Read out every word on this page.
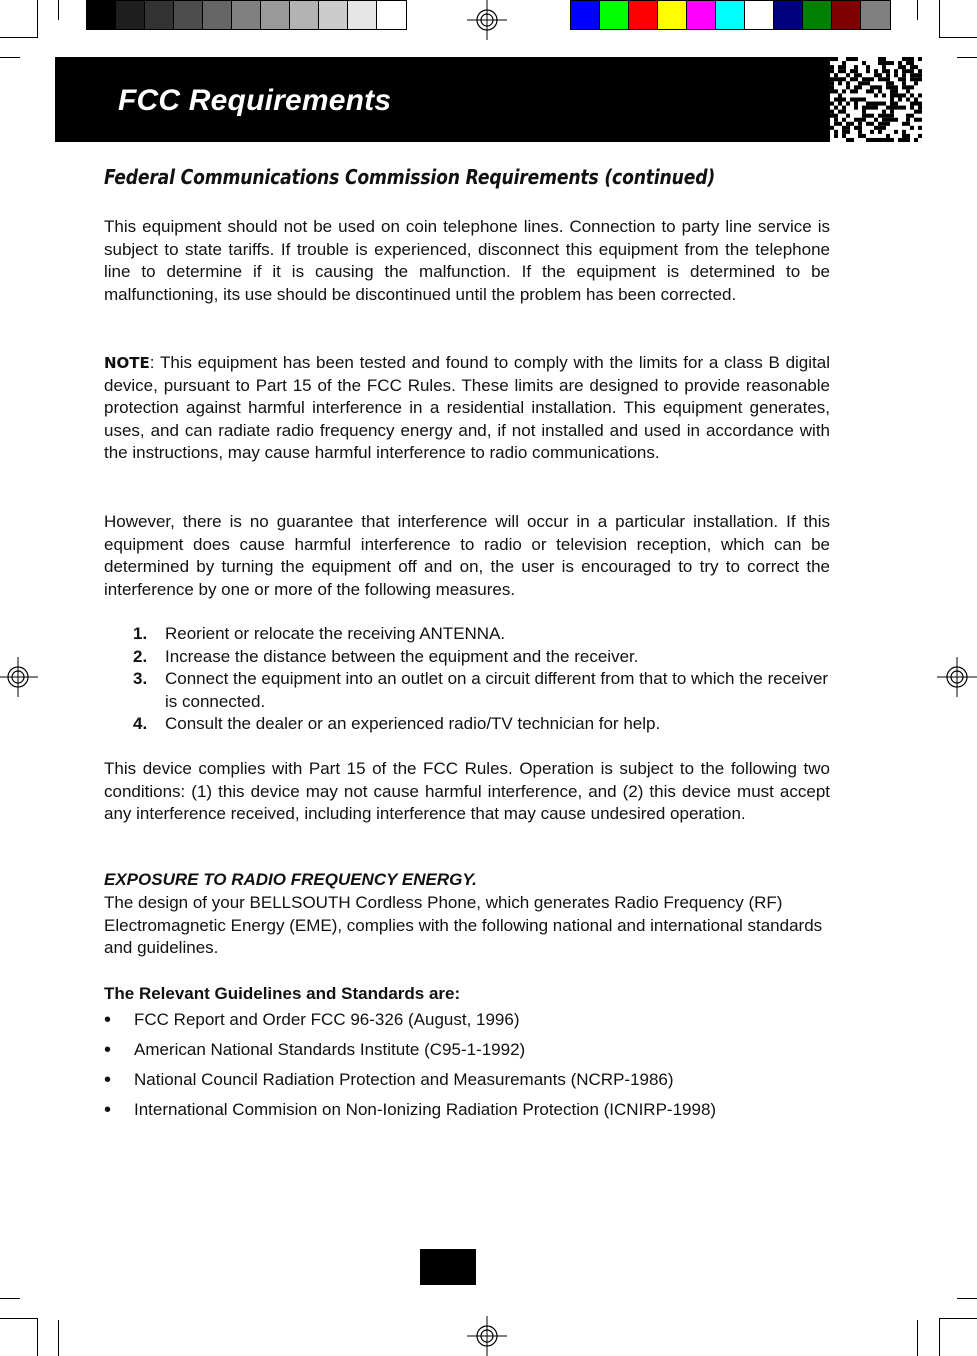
FCC Requirements
Federal Communications Commission Requirements (continued)

This equipment should not be used on coin telephone lines. Connection to party line service is subject to state tariffs. If trouble is experienced, disconnect this equipment from the telephone line to determine if it is causing the malfunction. If the equipment is determined to be malfunctioning, its use should be discontinued until the problem has been corrected.

NOTE: This equipment has been tested and found to comply with the limits for a class B digital device, pursuant to Part 15 of the FCC Rules. These limits are designed to provide reasonable protection against harmful interference in a residential installation. This equipment generates, uses, and can radiate radio frequency energy and, if not installed and used in accordance with the instructions, may cause harmful interference to radio communications.

However, there is no guarantee that interference will occur in a particular installation. If this equipment does cause harmful interference to radio or television reception, which can be determined by turning the equipment off and on, the user is encouraged to try to correct the interference by one or more of the following measures.

1. Reorient or relocate the receiving ANTENNA.
2. Increase the distance between the equipment and the receiver.
3. Connect the equipment into an outlet on a circuit different from that to which the receiver is connected.
4. Consult the dealer or an experienced radio/TV technician for help.

This device complies with Part 15 of the FCC Rules. Operation is subject to the following two conditions: (1) this device may not cause harmful interference, and (2) this device must accept any interference received, including interference that may cause undesired operation.

EXPOSURE TO RADIO FREQUENCY ENERGY.

The design of your BELLSOUTH Cordless Phone, which generates Radio Frequency (RF) Electromagnetic Energy (EME), complies with the following national and international standards and guidelines.

The Relevant Guidelines and Standards are:
• FCC Report and Order FCC 96-326 (August, 1996)
• American National Standards Institute (C95-1-1992)
• National Council Radiation Protection and Measuremants (NCRP-1986)
• International Commision on Non-Ionizing Radiation Protection (ICNIRP-1998)
